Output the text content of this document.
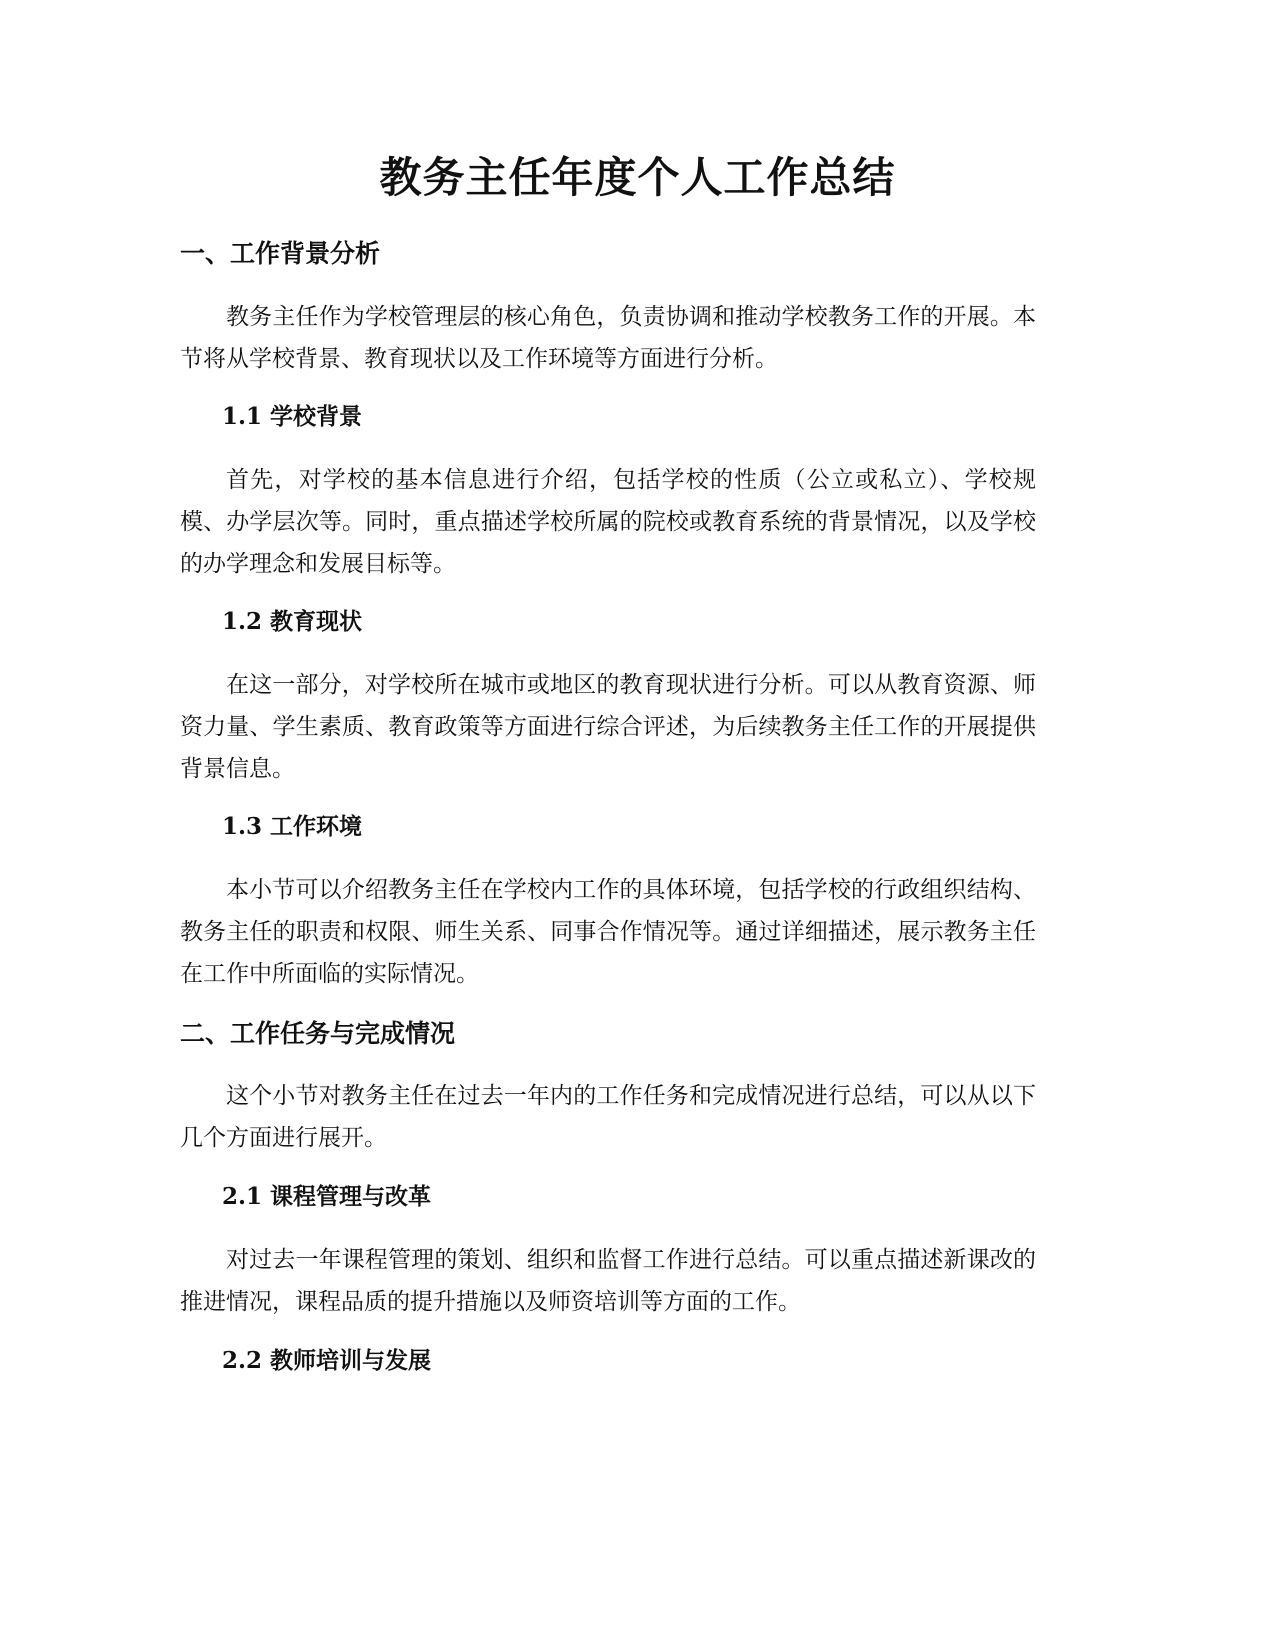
教务主任年度个人工作总结
一、工作背景分析

教务主任作为学校管理层的核心角色，负责协调和推动学校教务工作的开展。本节将从学校背景、教育现状以及工作环境等方面进行分析。

1.1 学校背景

首先，对学校的基本信息进行介绍，包括学校的性质（公立或私立）、学校规模、办学层次等。同时，重点描述学校所属的院校或教育系统的背景情况，以及学校的办学理念和发展目标等。

1.2 教育现状

在这一部分，对学校所在城市或地区的教育现状进行分析。可以从教育资源、师资力量、学生素质、教育政策等方面进行综合评述，为后续教务主任工作的开展提供背景信息。

1.3 工作环境

本小节可以介绍教务主任在学校内工作的具体环境，包括学校的行政组织结构、教务主任的职责和权限、师生关系、同事合作情况等。通过详细描述，展示教务主任在工作中所面临的实际情况。

二、工作任务与完成情况

这个小节对教务主任在过去一年内的工作任务和完成情况进行总结，可以从以下几个方面进行展开。

2.1 课程管理与改革

对过去一年课程管理的策划、组织和监督工作进行总结。可以重点描述新课改的推进情况，课程品质的提升措施以及师资培训等方面的工作。

2.2 教师培训与发展
